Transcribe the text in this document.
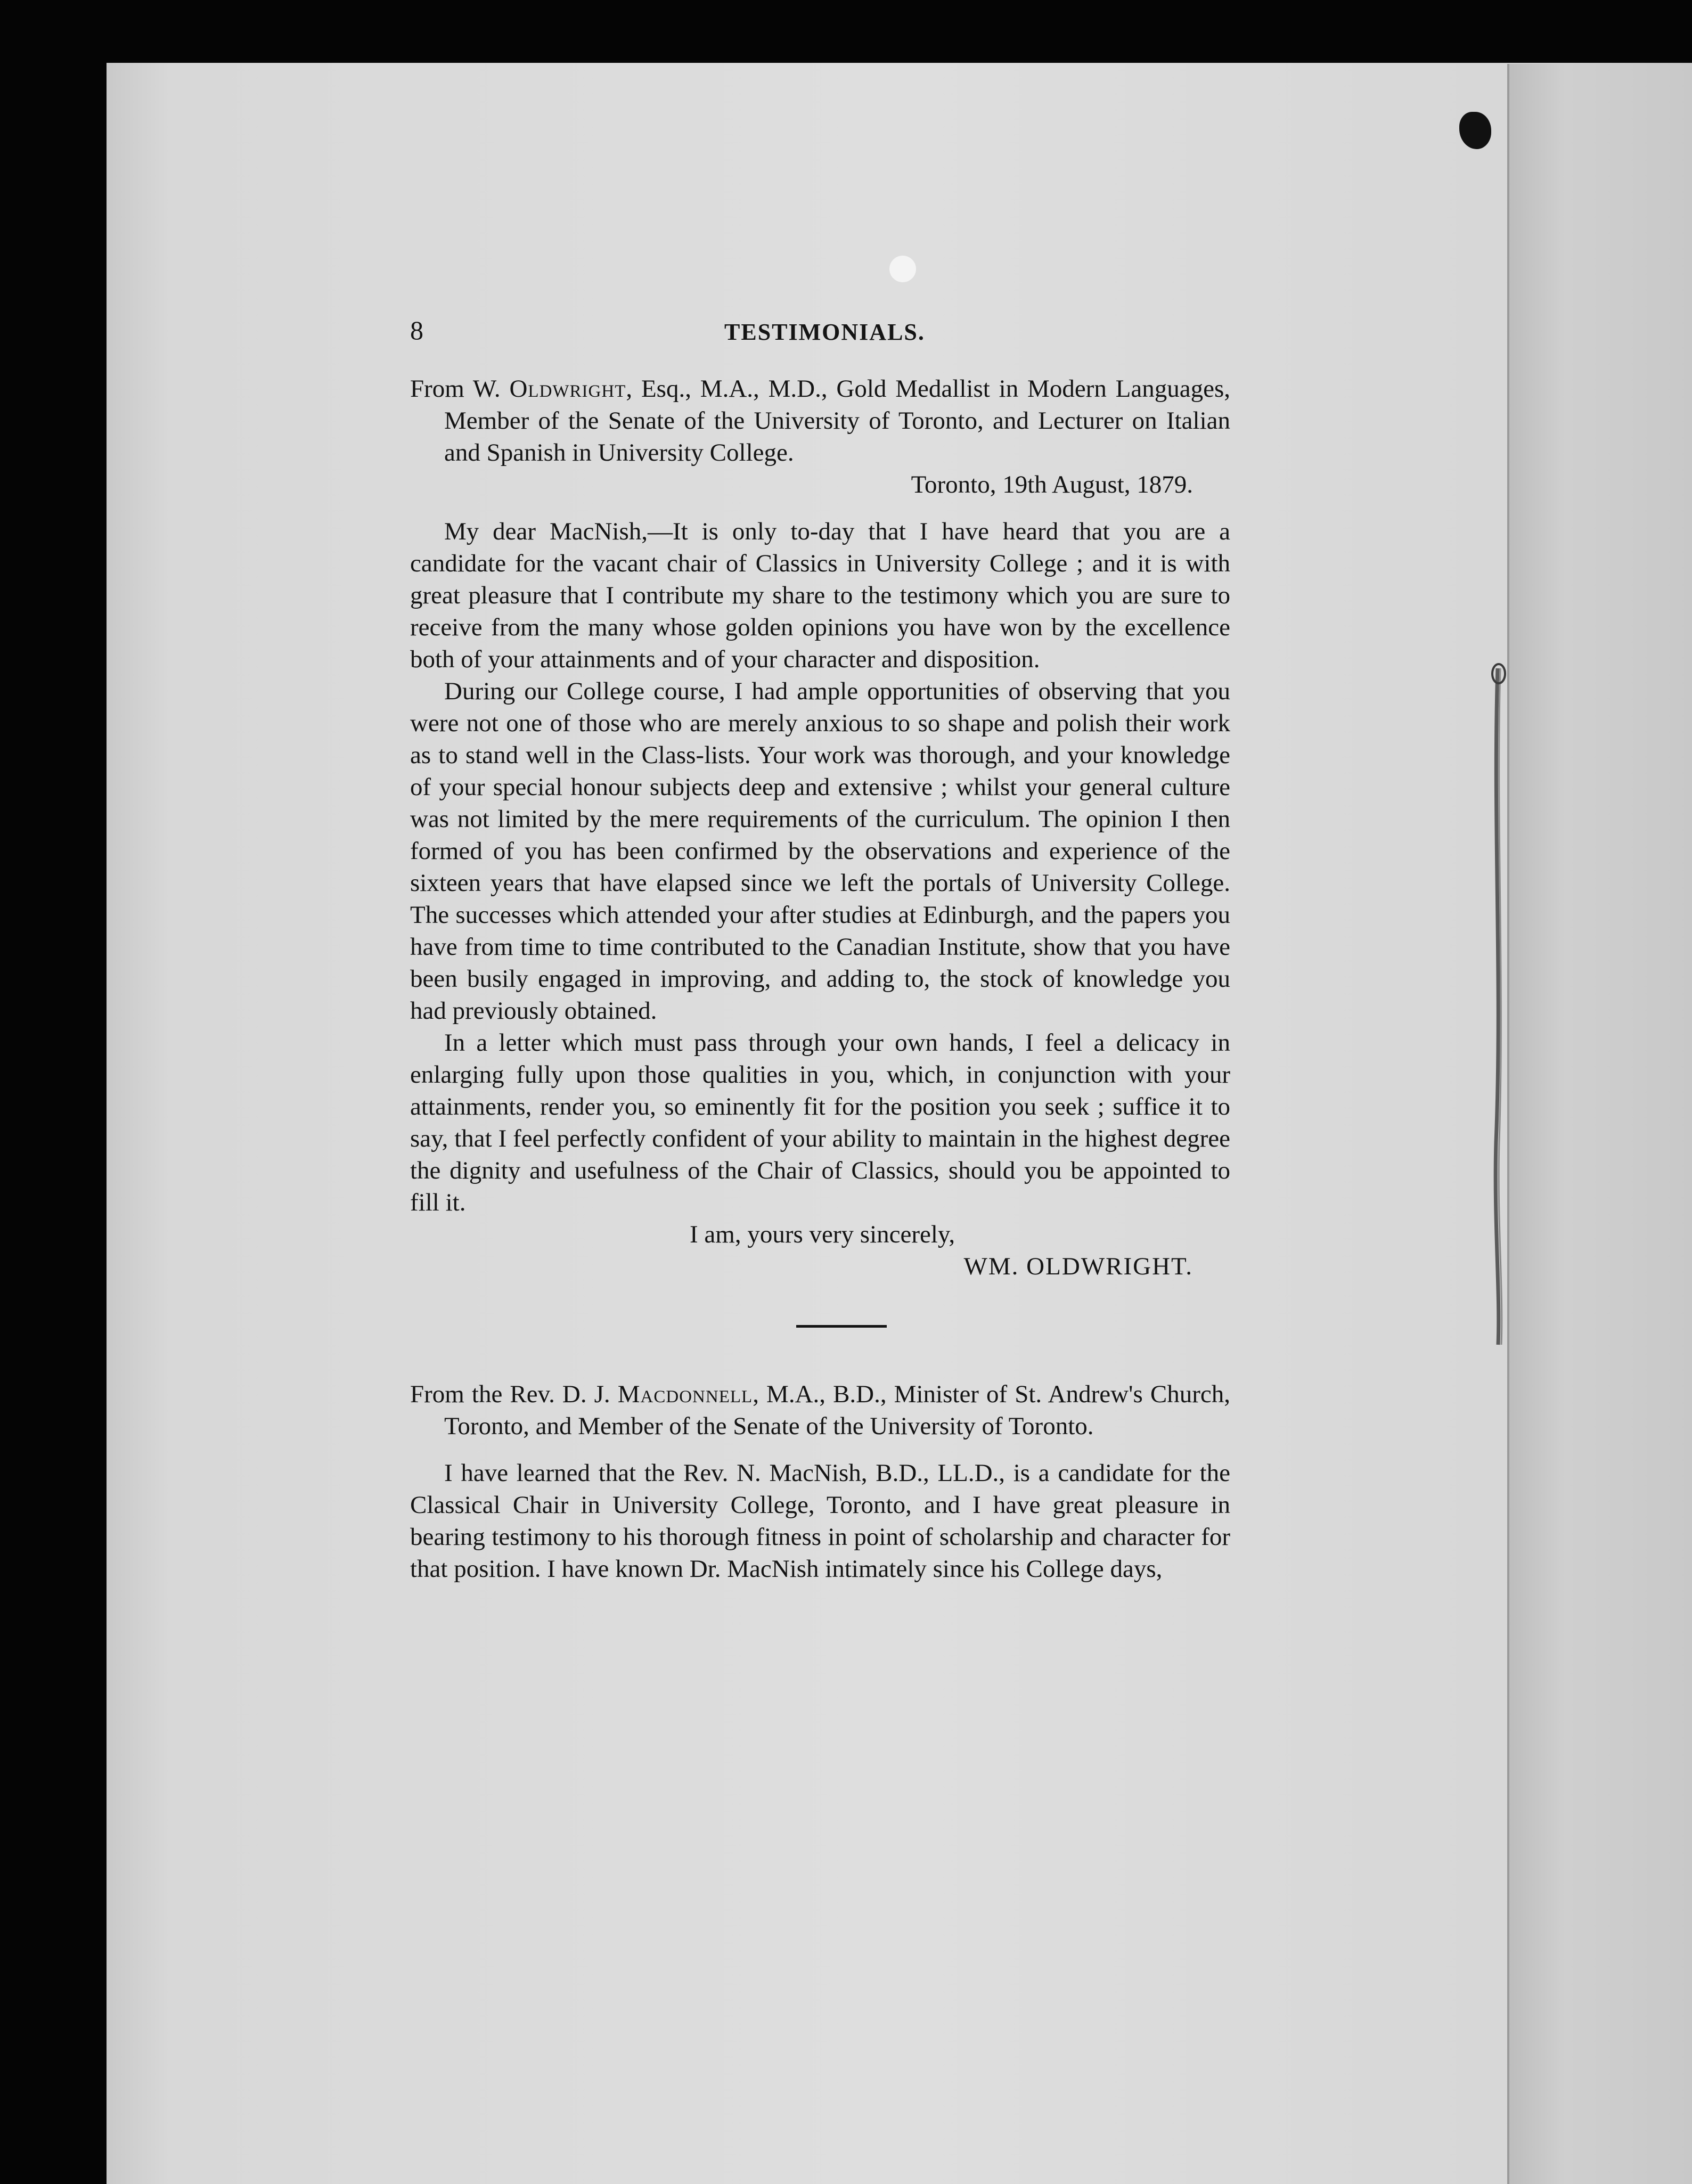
8	TESTIMONIALS.

From W. Oldwright, Esq., M.A., M.D., Gold Medallist in Modern Languages, Member of the Senate of the University of Toronto, and Lecturer on Italian and Spanish in University College.

Toronto, 19th August, 1879.

My dear MacNish,—It is only to-day that I have heard that you are a candidate for the vacant chair of Classics in University College ; and it is with great pleasure that I contribute my share to the testimony which you are sure to receive from the many whose golden opinions you have won by the excellence both of your attainments and of your character and disposition.

During our College course, I had ample opportunities of observing that you were not one of those who are merely anxious to so shape and polish their work as to stand well in the Class-lists. Your work was thorough, and your knowledge of your special honour subjects deep and extensive ; whilst your general culture was not limited by the mere requirements of the curriculum. The opinion I then formed of you has been confirmed by the observations and experience of the sixteen years that have elapsed since we left the portals of University College. The successes which attended your after studies at Edinburgh, and the papers you have from time to time contributed to the Canadian Institute, show that you have been busily engaged in improving, and adding to, the stock of knowledge you had previously obtained.

In a letter which must pass through your own hands, I feel a delicacy in enlarging fully upon those qualities in you, which, in conjunction with your attainments, render you, so eminently fit for the position you seek ; suffice it to say, that I feel perfectly confident of your ability to maintain in the highest degree the dignity and usefulness of the Chair of Classics, should you be appointed to fill it.

I am, yours very sincerely,

WM. OLDWRIGHT.

From the Rev. D. J. Macdonnell, M.A., B.D., Minister of St. Andrew's Church, Toronto, and Member of the Senate of the University of Toronto.

I have learned that the Rev. N. MacNish, B.D., LL.D., is a candidate for the Classical Chair in University College, Toronto, and I have great pleasure in bearing testimony to his thorough fitness in point of scholarship and character for that position. I have known Dr. MacNish intimately since his College days,
